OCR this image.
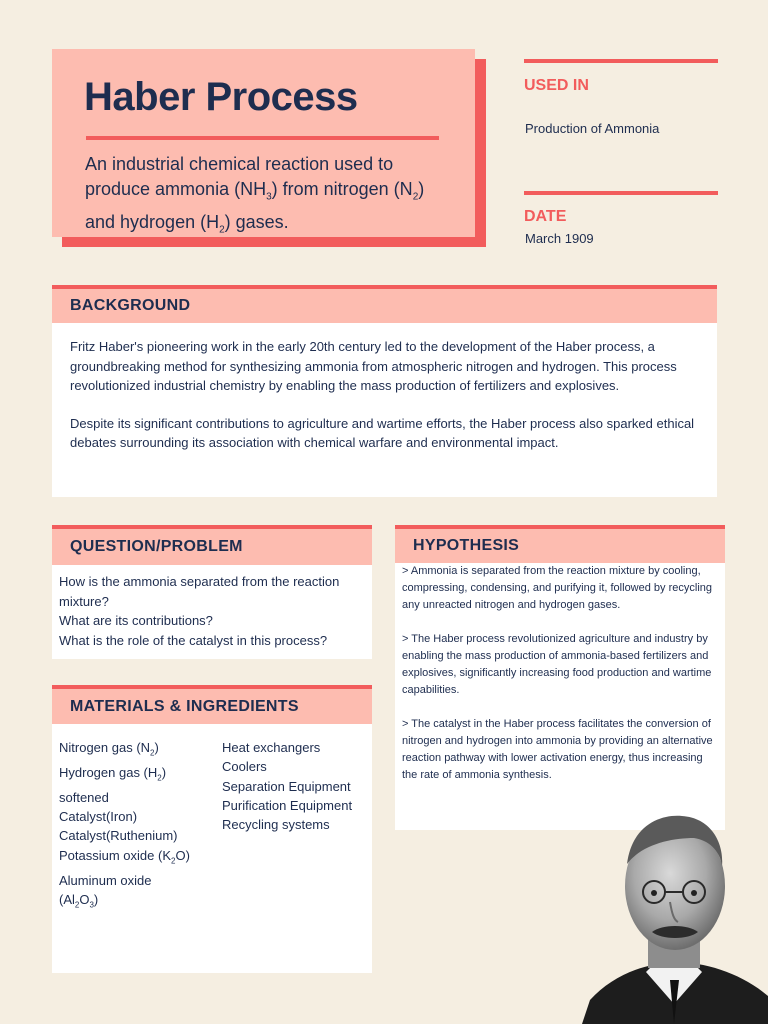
Haber Process
An industrial chemical reaction used to produce ammonia $(NH_3)$ from nitrogen $(N_2)$ and hydrogen $(H_2)$ gases.
USED IN
Production of Ammonia
DATE
March 1909
BACKGROUND

Fritz Haber's pioneering work in the early 20th century led to the development of the Haber process, a groundbreaking method for synthesizing ammonia from atmospheric nitrogen and hydrogen. This process revolutionized industrial chemistry by enabling the mass production of fertilizers and explosives.

Despite its significant contributions to agriculture and wartime efforts, the Haber process also sparked ethical debates surrounding its association with chemical warfare and environmental impact.

QUESTION/PROBLEM
How is the ammonia separated from the reaction mixture?
What are its contributions?
What is the role of the catalyst in this process?
HYPOTHESIS

> Ammonia is separated from the reaction mixture by cooling, compressing, condensing, and purifying it, followed by recycling any unreacted nitrogen and hydrogen gases.

> The Haber process revolutionized agriculture and industry by enabling the mass production of ammonia-based fertilizers and explosives, significantly increasing food production and wartime capabilities.

> The catalyst in the Haber process facilitates the conversion of nitrogen and hydrogen into ammonia by providing an alternative reaction pathway with lower activation energy, thus increasing the rate of ammonia synthesis.

MATERIALS & INGREDIENTS
Nitrogen gas $(N_2)$
Hydrogen gas $(H_2)$
softened
Catalyst(Iron)
Catalyst(Ruthenium)
Potassium oxide $(K_2O)$
Aluminum oxide
$(Al_2O_3)$
Heat exchangers
Coolers
Separation Equipment
Purification Equipment
Recycling systems
